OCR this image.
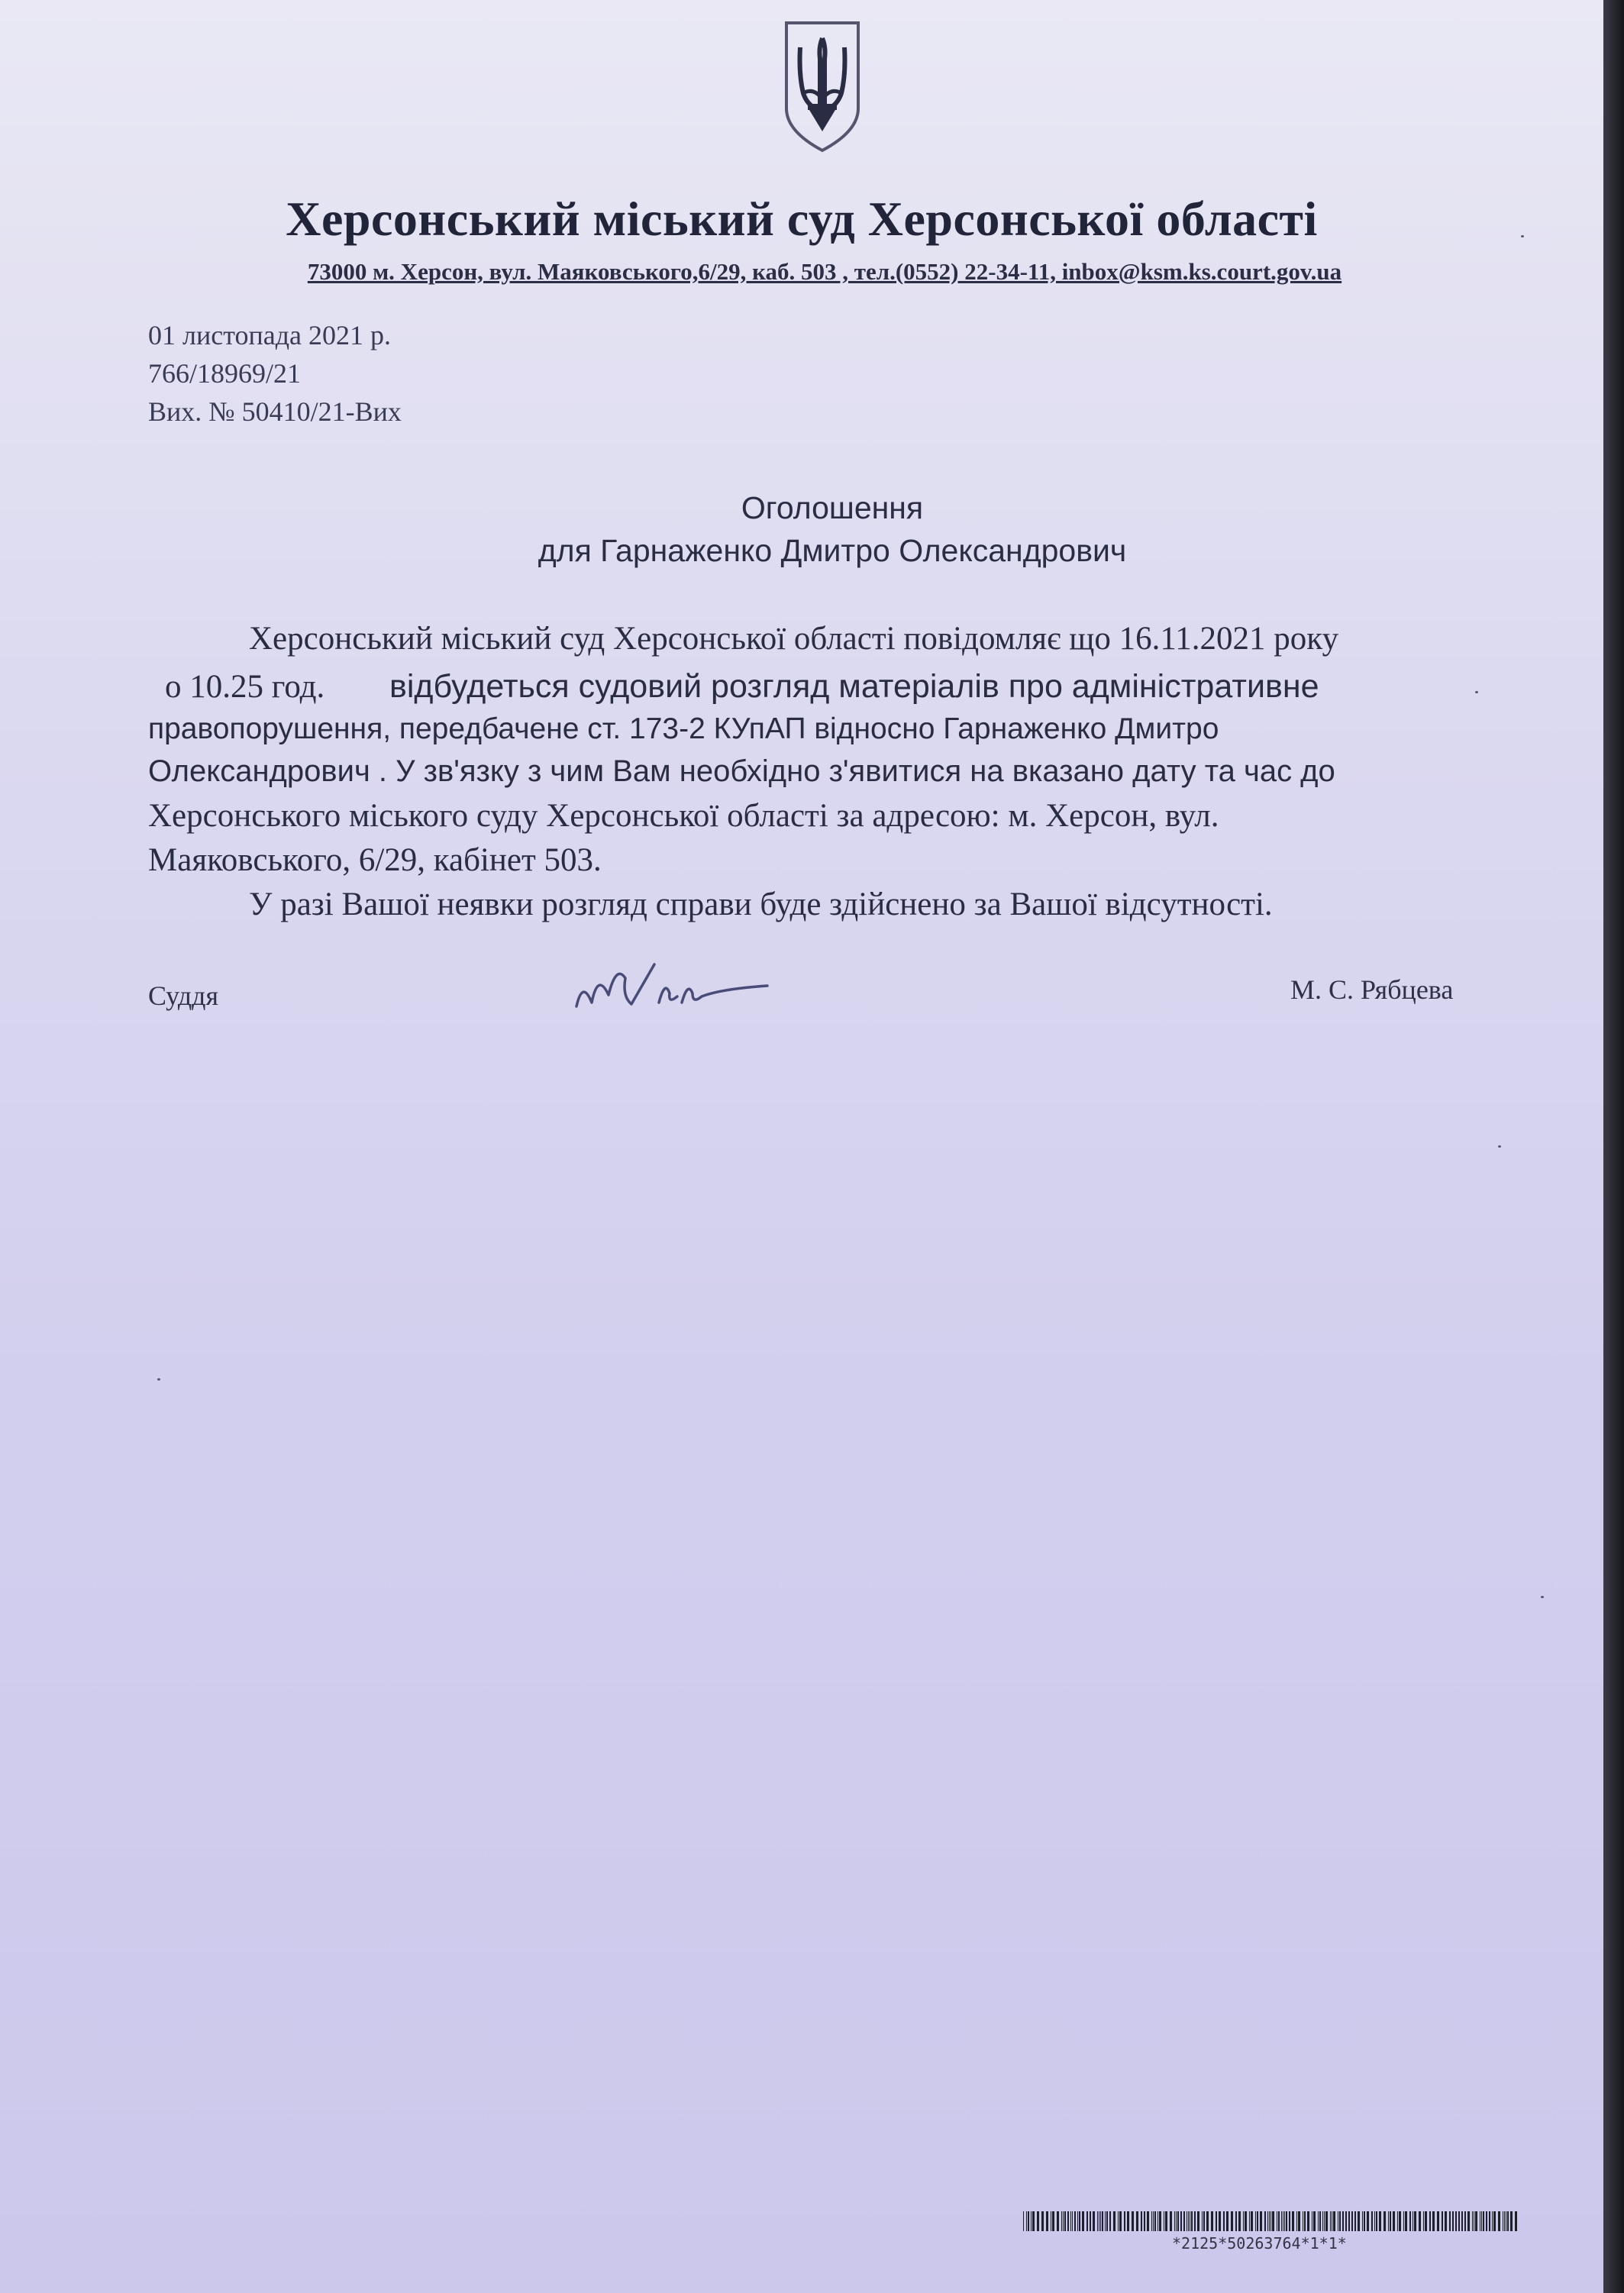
Херсонський міський суд Херсонської області
73000 м. Херсон, вул. Маяковського,6/29, каб. 503 , тел.(0552) 22-34-11, inbox@ksm.ks.court.gov.ua
01 листопада 2021 р.
766/18969/21
Вих. № 50410/21-Вих
Оголошення
для Гарнаженко Дмитро Олександрович
Херсонський міський суд Херсонської області повідомляє що 16.11.2021 року
о 10.25 год. відбудеться судовий розгляд матеріалів про адміністративне
правопорушення, передбачене ст. 173-2 КУпАП відносно Гарнаженко Дмитро
Олександрович . У зв'язку з чим Вам необхідно з'явитися на вказано дату та час до
Херсонського міського суду Херсонської області за адресою: м. Херсон, вул.
Маяковського, 6/29, кабінет 503.
У разі Вашої неявки розгляд справи буде здійснено за Вашої відсутності.
Суддя	М. С. Рябцева
*2125*50263764*1*1*
